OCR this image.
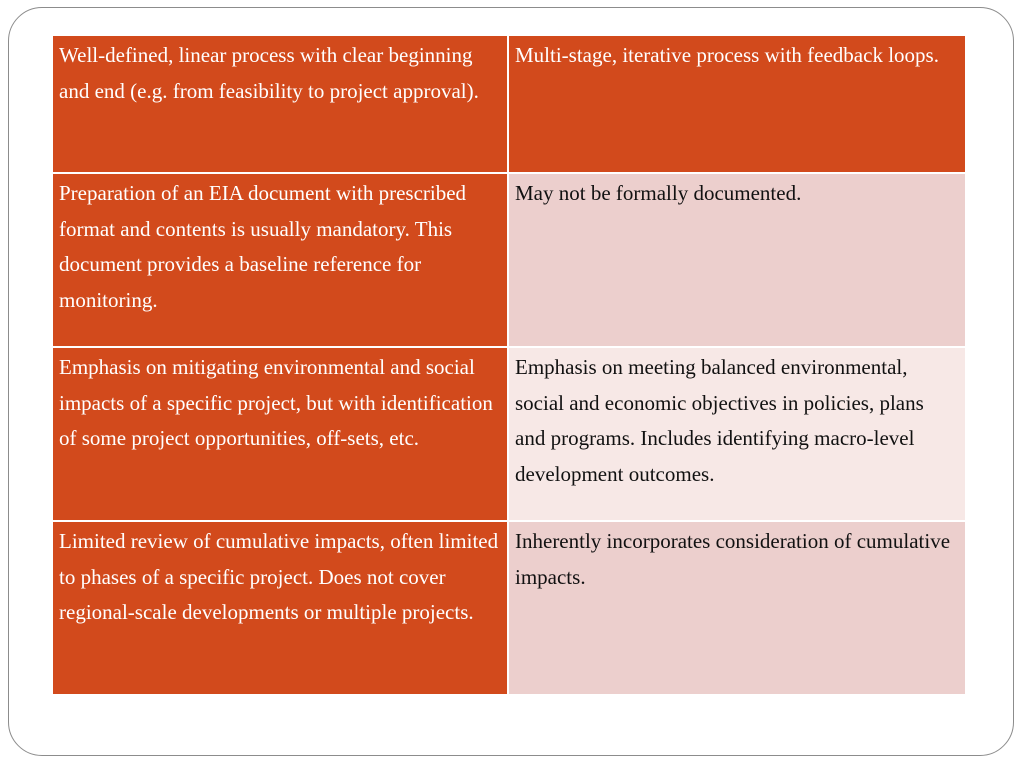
Well-defined, linear process with clear beginning and end (e.g. from feasibility to project approval).	Multi-stage, iterative process with feedback loops.
Preparation of an EIA document with prescribed format and contents is usually mandatory. This document provides a baseline reference for monitoring.	May not be formally documented.
Emphasis on mitigating environmental and social impacts of a specific project, but with identification of some project opportunities, off-sets, etc.	Emphasis on meeting balanced environmental, social and economic objectives in policies, plans and programs. Includes identifying macro-level development outcomes.
Limited review of cumulative impacts, often limited to phases of a specific project. Does not cover regional-scale developments or multiple projects.	Inherently incorporates consideration of cumulative impacts.
